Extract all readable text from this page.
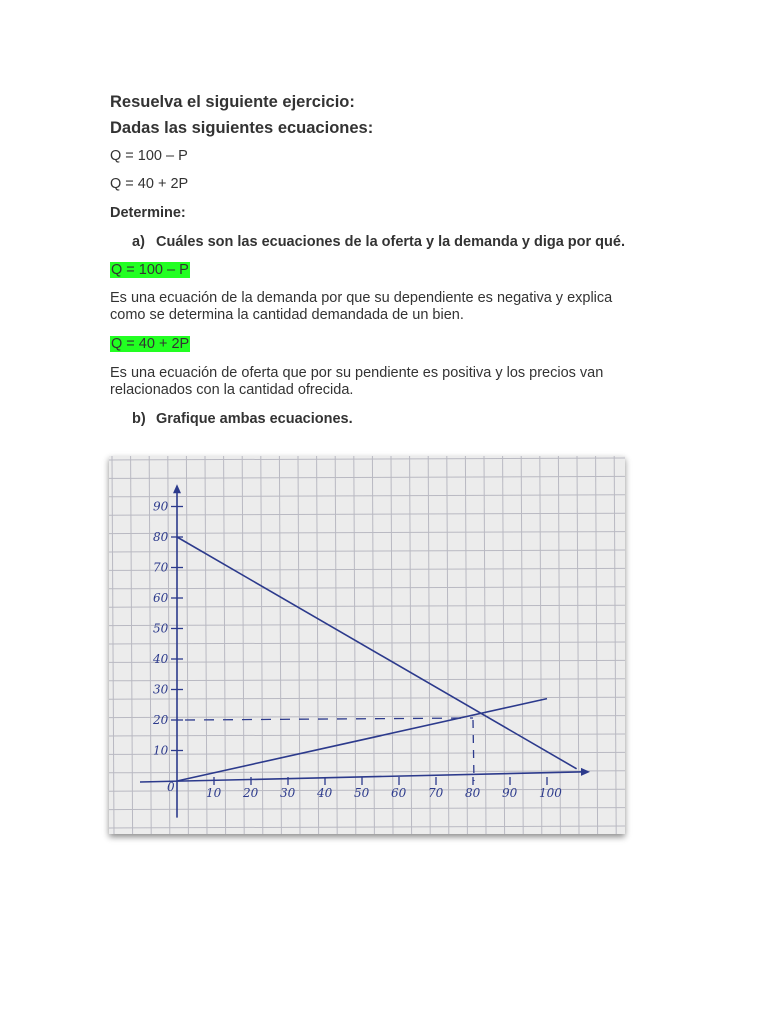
Resuelva el siguiente ejercicio:

Dadas las siguientes ecuaciones:

Q = 100 – P

Q = 40 + 2P

Determine:

a) Cuáles son las ecuaciones de la oferta y la demanda y diga por qué.

Q = 100 – P

Es una ecuación de la demanda por que su dependiente es negativa y explica como se determina la cantidad demandada de un bien.

Q = 40 + 2P

Es una ecuación de oferta que por su pendiente es positiva y los precios van relacionados con la cantidad ofrecida.

b) Grafique ambas ecuaciones.
10 20 30 40 50 60 70 80 90 100
0
10
20
30
40
50
60
70
80
90
